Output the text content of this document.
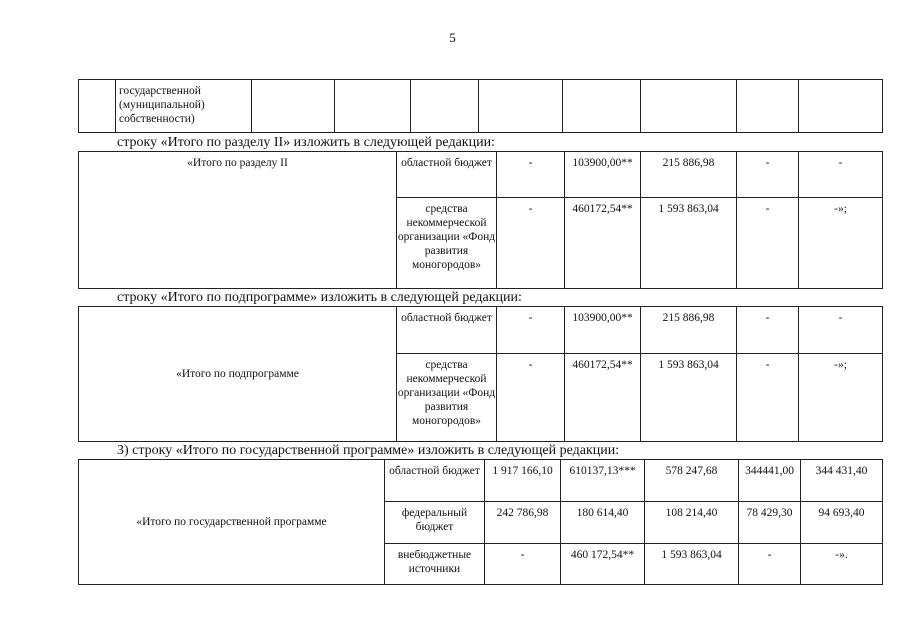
5
	государственной (муниципальной) собственности)								
строку «Итого по разделу II» изложить в следующей редакции:
«Итого по разделу II	областной бюджет	-	103900,00**	215 886,98	-	-
	средства некоммерческой организации «Фонд развития моногородов»	-	460172,54**	1 593 863,04	-	-»;
строку «Итого по подпрограмме» изложить в следующей редакции:
«Итого по подпрограмме	областной бюджет	-	103900,00**	215 886,98	-	-
	средства некоммерческой организации «Фонд развития моногородов»	-	460172,54**	1 593 863,04	-	-»;
3) строку «Итого по государственной программе» изложить в следующей редакции:
«Итого по государственной программе	областной бюджет	1 917 166,10	610137,13***	578 247,68	344441,00	344 431,40
	федеральный бюджет	242 786,98	180 614,40	108 214,40	78 429,30	94 693,40
	внебюджетные источники	-	460 172,54**	1 593 863,04	-	-».
